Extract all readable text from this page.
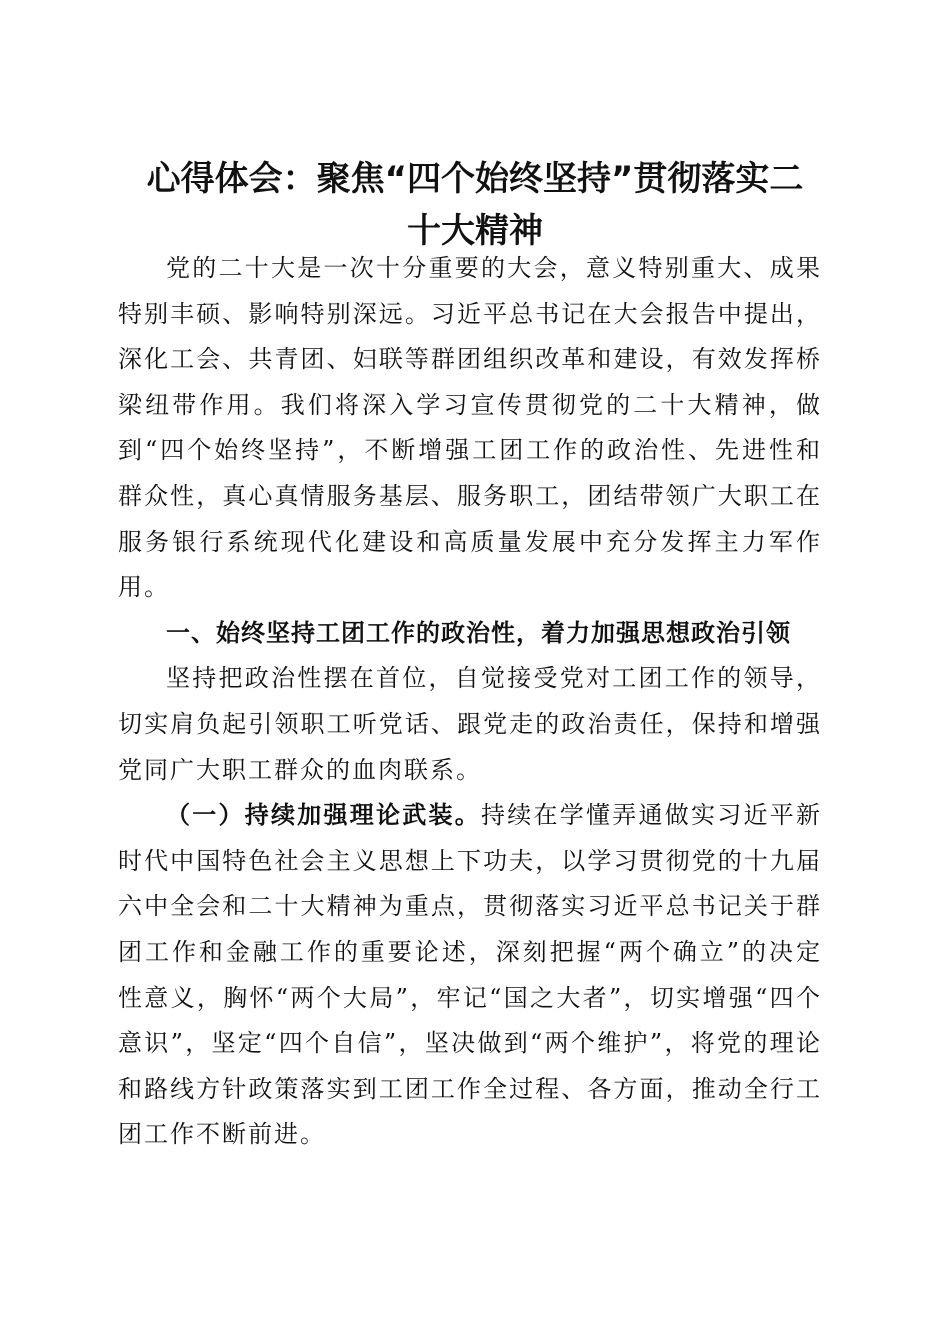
心得体会：聚焦“四个始终坚持”贯彻落实二
十大精神

党的二十大是一次十分重要的大会，意义特别重大、成果特别丰硕、影响特别深远。习近平总书记在大会报告中提出，深化工会、共青团、妇联等群团组织改革和建设，有效发挥桥梁纽带作用。我们将深入学习宣传贯彻党的二十大精神，做到“四个始终坚持”，不断增强工团工作的政治性、先进性和群众性，真心真情服务基层、服务职工，团结带领广大职工在服务银行系统现代化建设和高质量发展中充分发挥主力军作用。

一、始终坚持工团工作的政治性，着力加强思想政治引领

坚持把政治性摆在首位，自觉接受党对工团工作的领导，切实肩负起引领职工听党话、跟党走的政治责任，保持和增强党同广大职工群众的血肉联系。

（一）持续加强理论武装。持续在学懂弄通做实习近平新时代中国特色社会主义思想上下功夫，以学习贯彻党的十九届六中全会和二十大精神为重点，贯彻落实习近平总书记关于群团工作和金融工作的重要论述，深刻把握“两个确立”的决定性意义，胸怀“两个大局”，牢记“国之大者”，切实增强“四个意识”，坚定“四个自信”，坚决做到“两个维护”，将党的理论和路线方针政策落实到工团工作全过程、各方面，推动全行工团工作不断前进。
